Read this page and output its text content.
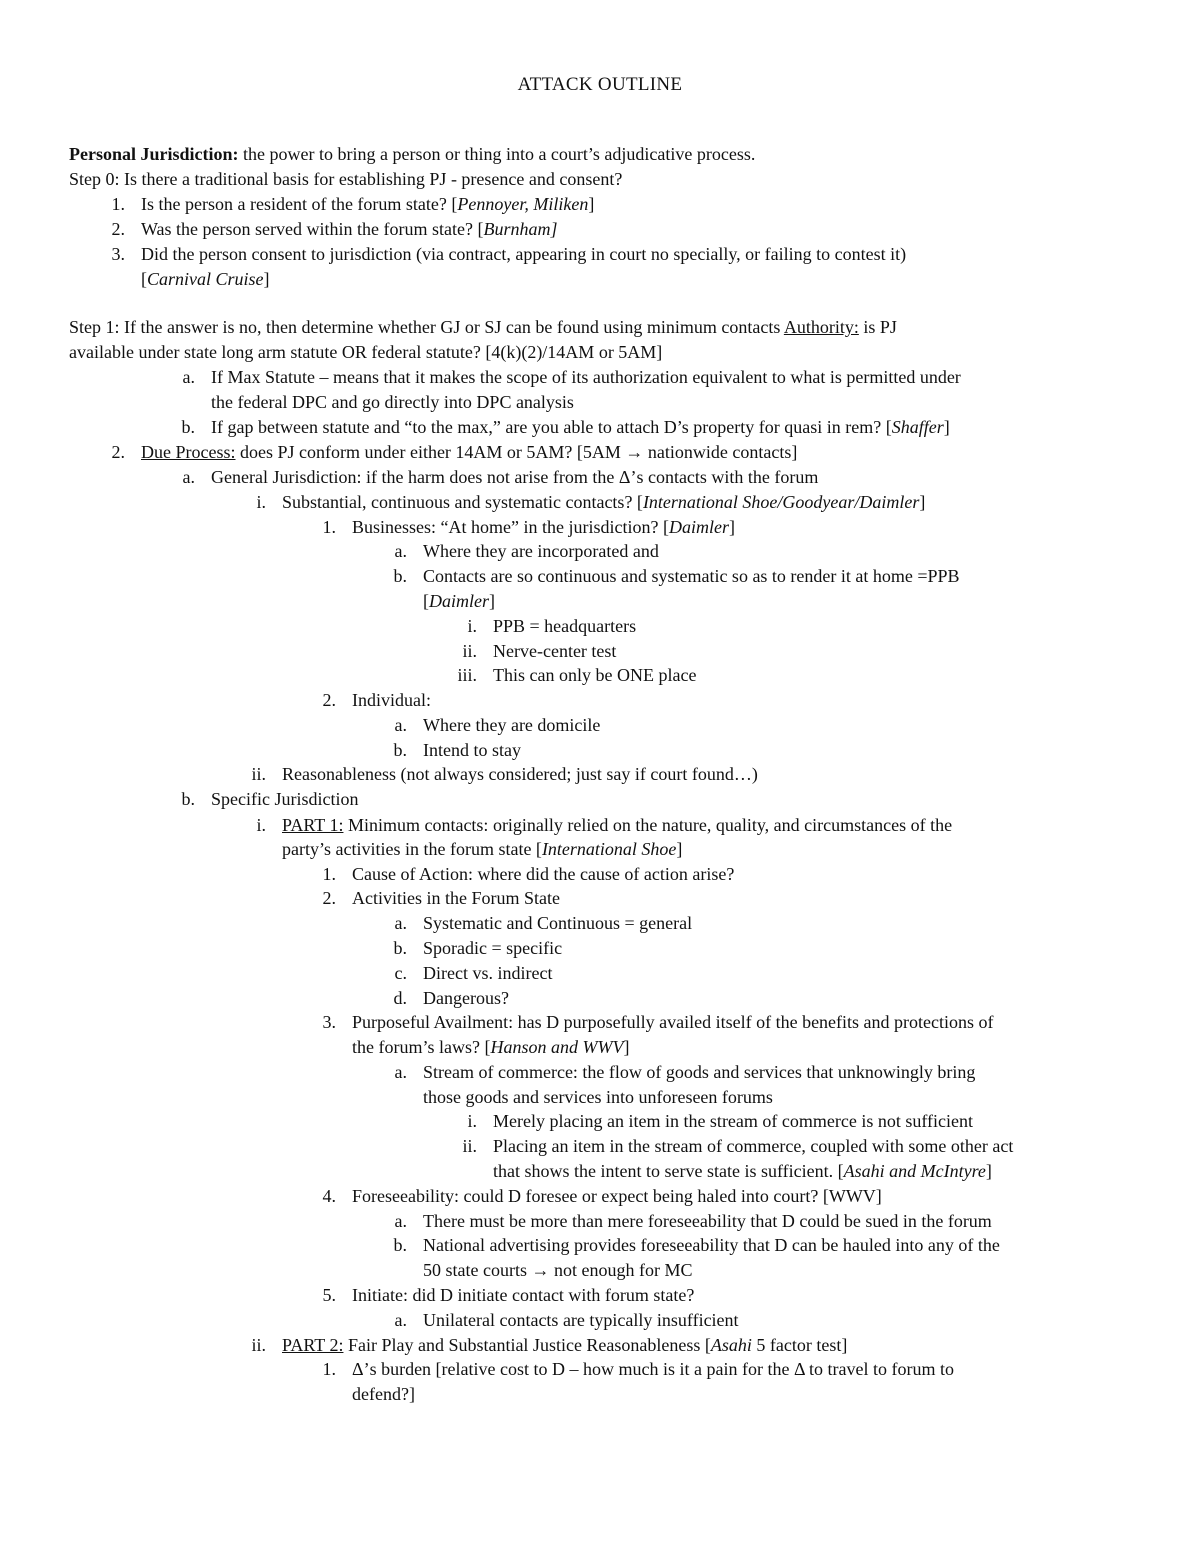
ATTACK OUTLINE
Personal Jurisdiction: the power to bring a person or thing into a court’s adjudicative process.
Step 0: Is there a traditional basis for establishing PJ - presence and consent?
1. Is the person a resident of the forum state? [Pennoyer, Miliken]
2. Was the person served within the forum state? [Burnham]
3. Did the person consent to jurisdiction (via contract, appearing in court no specially, or failing to contest it)
[Carnival Cruise]
Step 1: If the answer is no, then determine whether GJ or SJ can be found using minimum contacts Authority: is PJ
available under state long arm statute OR federal statute? [4(k)(2)/14AM or 5AM]
a. If Max Statute – means that it makes the scope of its authorization equivalent to what is permitted under
the federal DPC and go directly into DPC analysis
b. If gap between statute and “to the max,” are you able to attach D’s property for quasi in rem? [Shaffer]
2. Due Process: does PJ conform under either 14AM or 5AM? [5AM → nationwide contacts]
a. General Jurisdiction: if the harm does not arise from the Δ’s contacts with the forum
i. Substantial, continuous and systematic contacts? [International Shoe/Goodyear/Daimler]
1. Businesses: “At home” in the jurisdiction? [Daimler]
a. Where they are incorporated and
b. Contacts are so continuous and systematic so as to render it at home =PPB
[Daimler]
i. PPB = headquarters
ii. Nerve-center test
iii. This can only be ONE place
2. Individual:
a. Where they are domicile
b. Intend to stay
ii. Reasonableness (not always considered; just say if court found…)
b. Specific Jurisdiction
i. PART 1: Minimum contacts: originally relied on the nature, quality, and circumstances of the
party’s activities in the forum state [International Shoe]
1. Cause of Action: where did the cause of action arise?
2. Activities in the Forum State
a. Systematic and Continuous = general
b. Sporadic = specific
c. Direct vs. indirect
d. Dangerous?
3. Purposeful Availment: has D purposefully availed itself of the benefits and protections of
the forum’s laws? [Hanson and WWV]
a. Stream of commerce: the flow of goods and services that unknowingly bring
those goods and services into unforeseen forums
i. Merely placing an item in the stream of commerce is not sufficient
ii. Placing an item in the stream of commerce, coupled with some other act
that shows the intent to serve state is sufficient. [Asahi and McIntyre]
4. Foreseeability: could D foresee or expect being haled into court? [WWV]
a. There must be more than mere foreseeability that D could be sued in the forum
b. National advertising provides foreseeability that D can be hauled into any of the
50 state courts → not enough for MC
5. Initiate: did D initiate contact with forum state?
a. Unilateral contacts are typically insufficient
ii. PART 2: Fair Play and Substantial Justice Reasonableness [Asahi 5 factor test]
1. Δ’s burden [relative cost to D – how much is it a pain for the Δ to travel to forum to
defend?]
